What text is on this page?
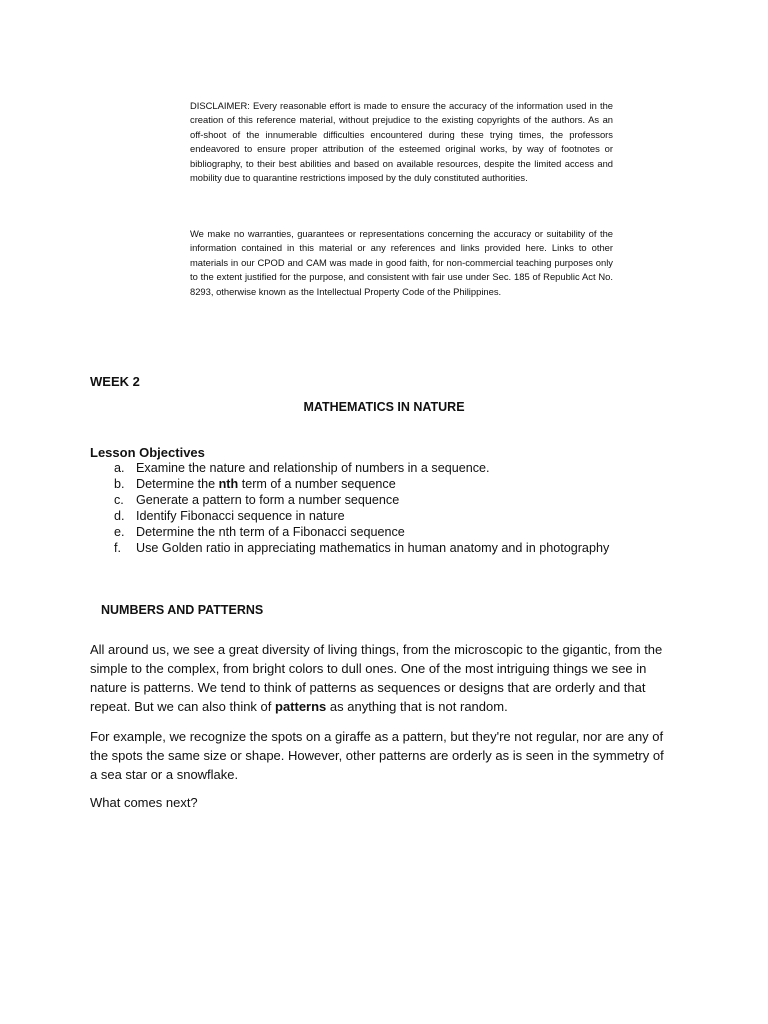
DISCLAIMER: Every reasonable effort is made to ensure the accuracy of the information used in the creation of this reference material, without prejudice to the existing copyrights of the authors. As an off-shoot of the innumerable difficulties encountered during these trying times, the professors endeavored to ensure proper attribution of the esteemed original works, by way of footnotes or bibliography, to their best abilities and based on available resources, despite the limited access and mobility due to quarantine restrictions imposed by the duly constituted authorities.

We make no warranties, guarantees or representations concerning the accuracy or suitability of the information contained in this material or any references and links provided here. Links to other materials in our CPOD and CAM was made in good faith, for non-commercial teaching purposes only to the extent justified for the purpose, and consistent with fair use under Sec. 185 of Republic Act No. 8293, otherwise known as the Intellectual Property Code of the Philippines.

WEEK 2

MATHEMATICS IN NATURE

Lesson Objectives

a. Examine the nature and relationship of numbers in a sequence.
b. Determine the nth term of a number sequence
c. Generate a pattern to form a number sequence
d. Identify Fibonacci sequence in nature
e. Determine the nth term of a Fibonacci sequence
f.	Use Golden ratio in appreciating mathematics in human anatomy and in photography

NUMBERS AND PATTERNS

All around us, we see a great diversity of living things, from the microscopic to the gigantic, from the simple to the complex, from bright colors to dull ones. One of the most intriguing things we see in nature is patterns. We tend to think of patterns as sequences or designs that are orderly and that repeat. But we can also think of patterns as anything that is not random.

For example, we recognize the spots on a giraffe as a pattern, but they're not regular, nor are any of the spots the same size or shape. However, other patterns are orderly as is seen in the symmetry of a sea star or a snowflake.

What comes next?
